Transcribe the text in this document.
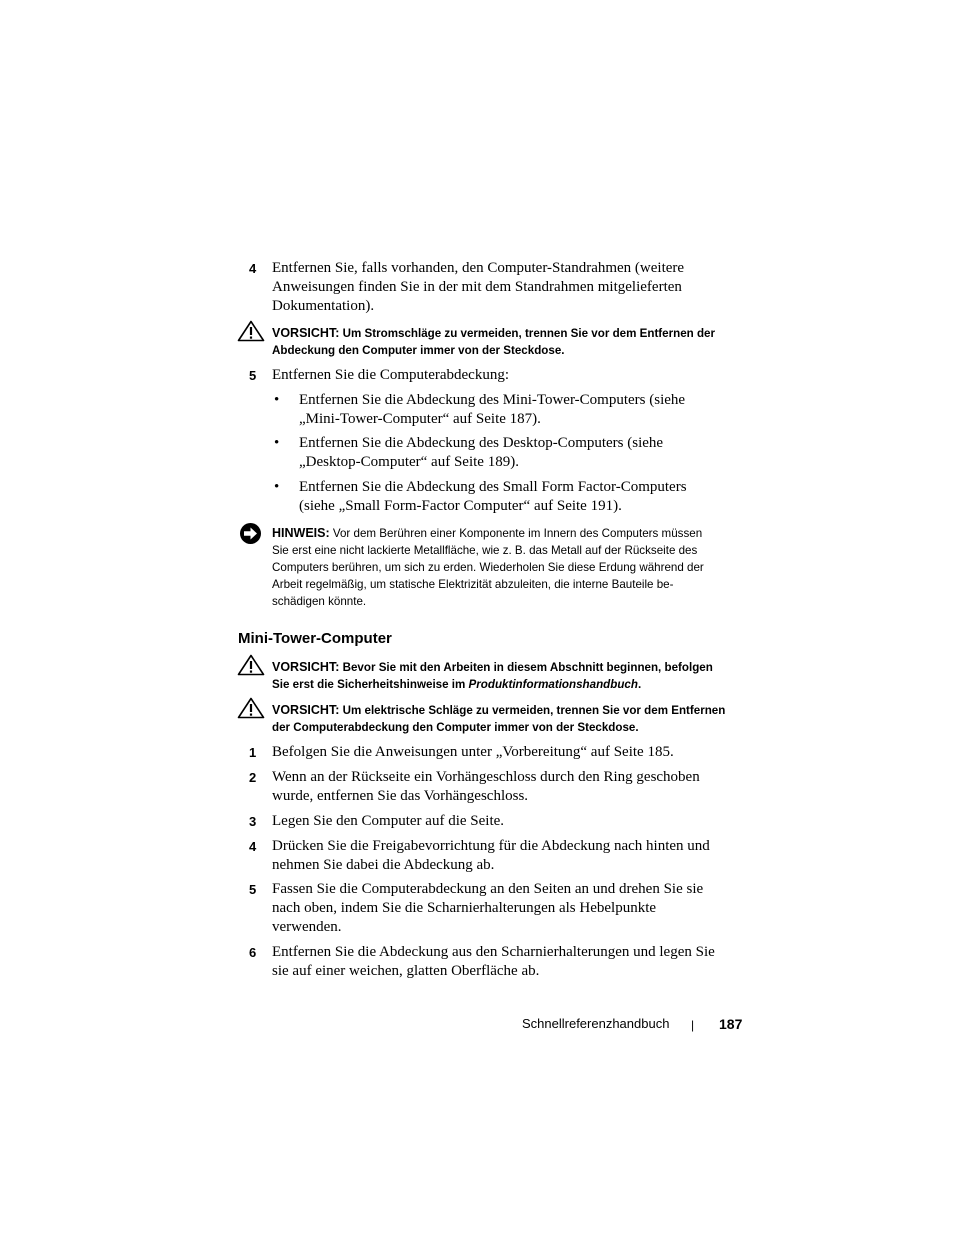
4 Entfernen Sie, falls vorhanden, den Computer-Standrahmen (weitere
Anweisungen finden Sie in der mit dem Standrahmen mitgelieferten
Dokumentation).
VORSICHT: Um Stromschläge zu vermeiden, trennen Sie vor dem Entfernen der
Abdeckung den Computer immer von der Steckdose.
5 Entfernen Sie die Computerabdeckung:
• Entfernen Sie die Abdeckung des Mini-Tower-Computers (siehe
„Mini-Tower-Computer“ auf Seite 187).
• Entfernen Sie die Abdeckung des Desktop-Computers (siehe
„Desktop-Computer“ auf Seite 189).
• Entfernen Sie die Abdeckung des Small Form Factor-Computers
(siehe „Small Form-Factor Computer“ auf Seite 191).
HINWEIS: Vor dem Berühren einer Komponente im Innern des Computers müssen
Sie erst eine nicht lackierte Metallfläche, wie z. B. das Metall auf der Rückseite des
Computers berühren, um sich zu erden. Wiederholen Sie diese Erdung während der
Arbeit regelmäßig, um statische Elektrizität abzuleiten, die interne Bauteile be-
schädigen könnte.
Mini-Tower-Computer
VORSICHT: Bevor Sie mit den Arbeiten in diesem Abschnitt beginnen, befolgen
Sie erst die Sicherheitshinweise im Produktinformationshandbuch.
VORSICHT: Um elektrische Schläge zu vermeiden, trennen Sie vor dem Entfernen
der Computerabdeckung den Computer immer von der Steckdose.
1 Befolgen Sie die Anweisungen unter „Vorbereitung“ auf Seite 185.
2 Wenn an der Rückseite ein Vorhängeschloss durch den Ring geschoben
wurde, entfernen Sie das Vorhängeschloss.
3 Legen Sie den Computer auf die Seite.
4 Drücken Sie die Freigabevorrichtung für die Abdeckung nach hinten und
nehmen Sie dabei die Abdeckung ab.
5 Fassen Sie die Computerabdeckung an den Seiten an und drehen Sie sie
nach oben, indem Sie die Scharnierhalterungen als Hebelpunkte
verwenden.
6 Entfernen Sie die Abdeckung aus den Scharnierhalterungen und legen Sie
sie auf einer weichen, glatten Oberfläche ab.
Schnellreferenzhandbuch | 187
